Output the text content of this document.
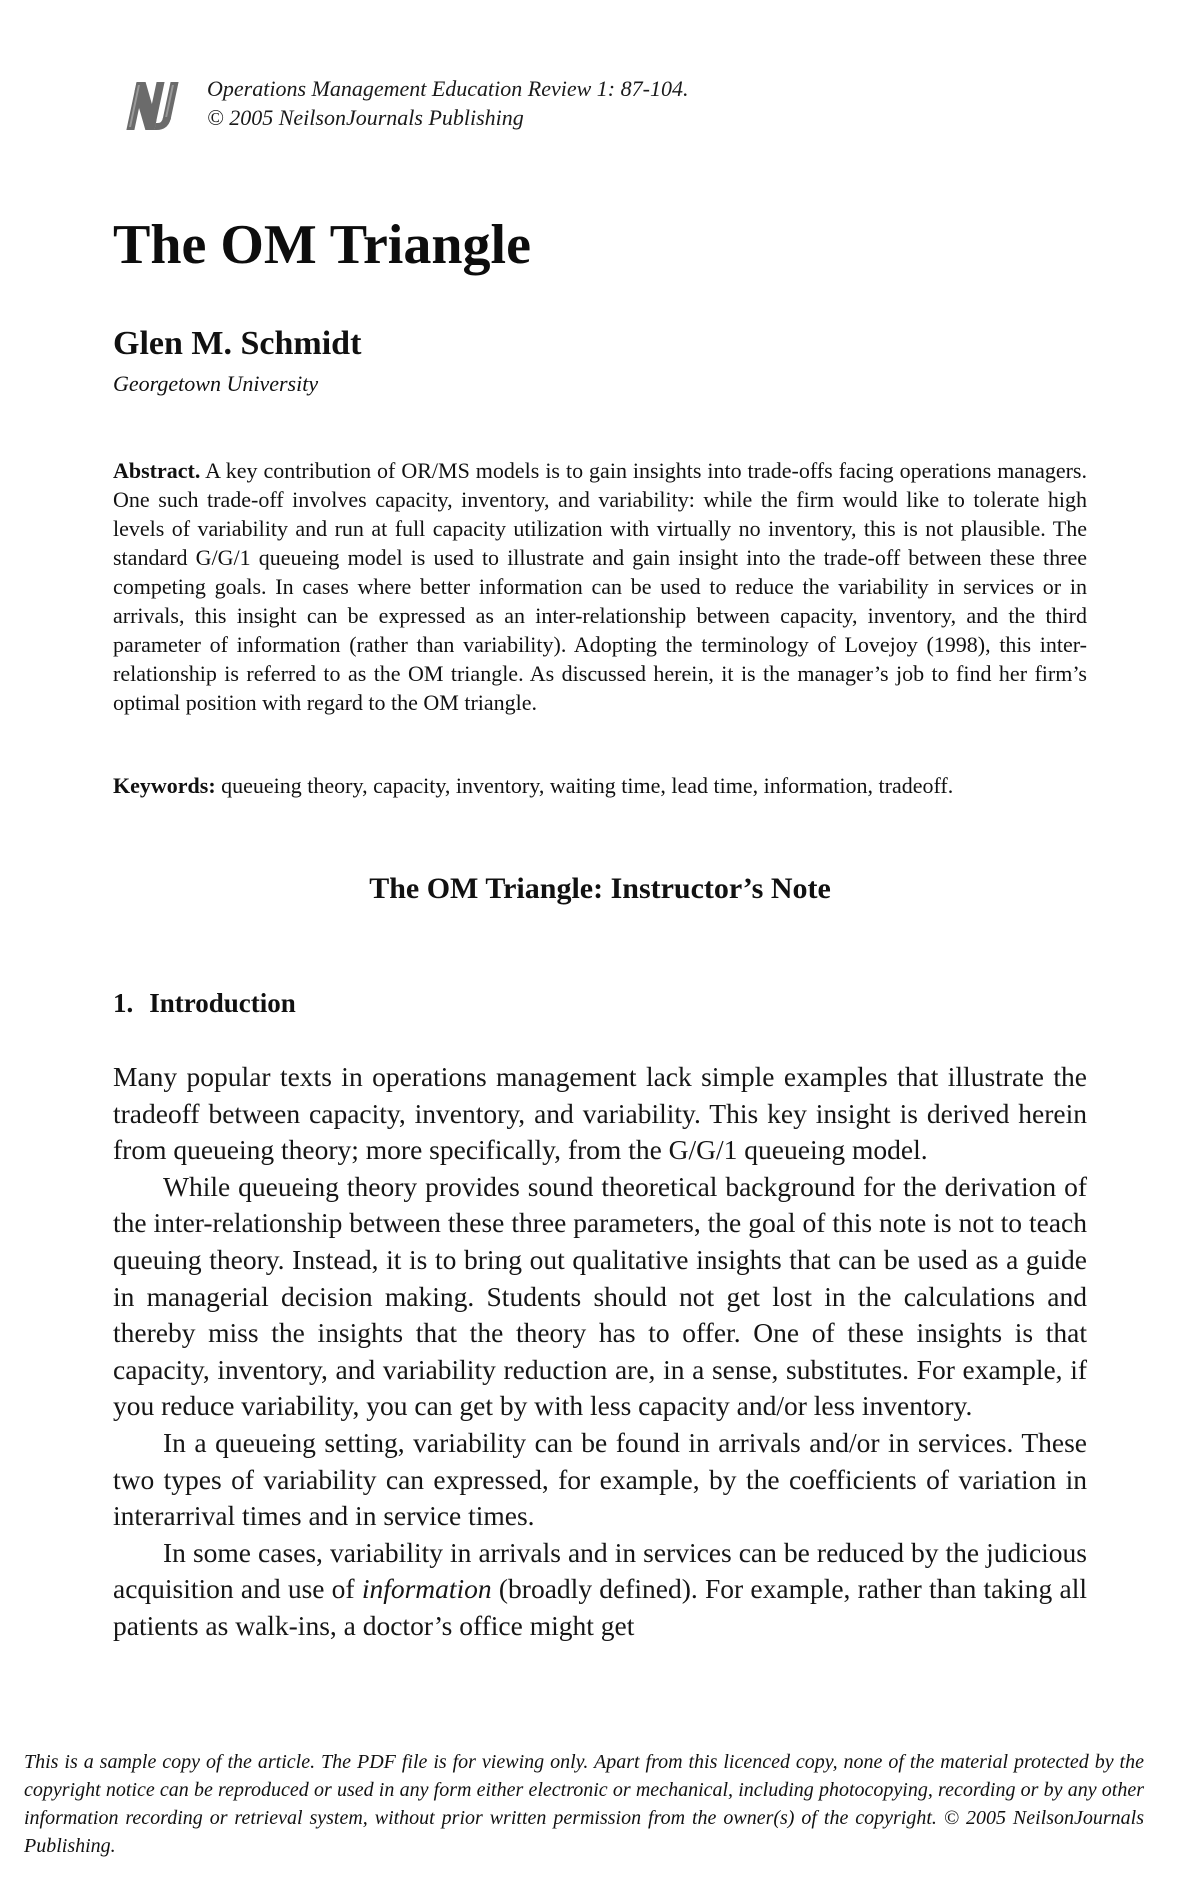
Operations Management Education Review 1: 87-104.
© 2005 NeilsonJournals Publishing
The OM Triangle
Glen M. Schmidt
Georgetown University

Abstract. A key contribution of OR/MS models is to gain insights into trade-offs facing operations managers. One such trade-off involves capacity, inventory, and variability: while the firm would like to tolerate high levels of variability and run at full capacity utilization with virtually no inventory, this is not plausible. The standard G/G/1 queueing model is used to illustrate and gain insight into the trade-off between these three competing goals. In cases where better information can be used to reduce the variability in services or in arrivals, this insight can be expressed as an inter-relationship between capacity, inventory, and the third parameter of information (rather than variability). Adopting the terminology of Lovejoy (1998), this inter-relationship is referred to as the OM triangle. As discussed herein, it is the manager’s job to find her firm’s optimal position with regard to the OM triangle.

Keywords: queueing theory, capacity, inventory, waiting time, lead time, information, tradeoff.

The OM Triangle: Instructor’s Note
1. Introduction

Many popular texts in operations management lack simple examples that illustrate the tradeoff between capacity, inventory, and variability. This key insight is derived herein from queueing theory; more specifically, from the G/G/1 queueing model.

While queueing theory provides sound theoretical background for the derivation of the inter-relationship between these three parameters, the goal of this note is not to teach queuing theory. Instead, it is to bring out qualitative insights that can be used as a guide in managerial decision making. Students should not get lost in the calculations and thereby miss the insights that the theory has to offer. One of these insights is that capacity, inventory, and variability reduction are, in a sense, substitutes. For example, if you reduce variability, you can get by with less capacity and/or less inventory.

In a queueing setting, variability can be found in arrivals and/or in services. These two types of variability can expressed, for example, by the coefficients of variation in interarrival times and in service times.

In some cases, variability in arrivals and in services can be reduced by the judicious acquisition and use of information (broadly defined). For example, rather than taking all patients as walk-ins, a doctor’s office might get

This is a sample copy of the article. The PDF file is for viewing only. Apart from this licenced copy, none of the material protected by the copyright notice can be reproduced or used in any form either electronic or mechanical, including photocopying, recording or by any other information recording or retrieval system, without prior written permission from the owner(s) of the copyright. © 2005 NeilsonJournals Publishing.
